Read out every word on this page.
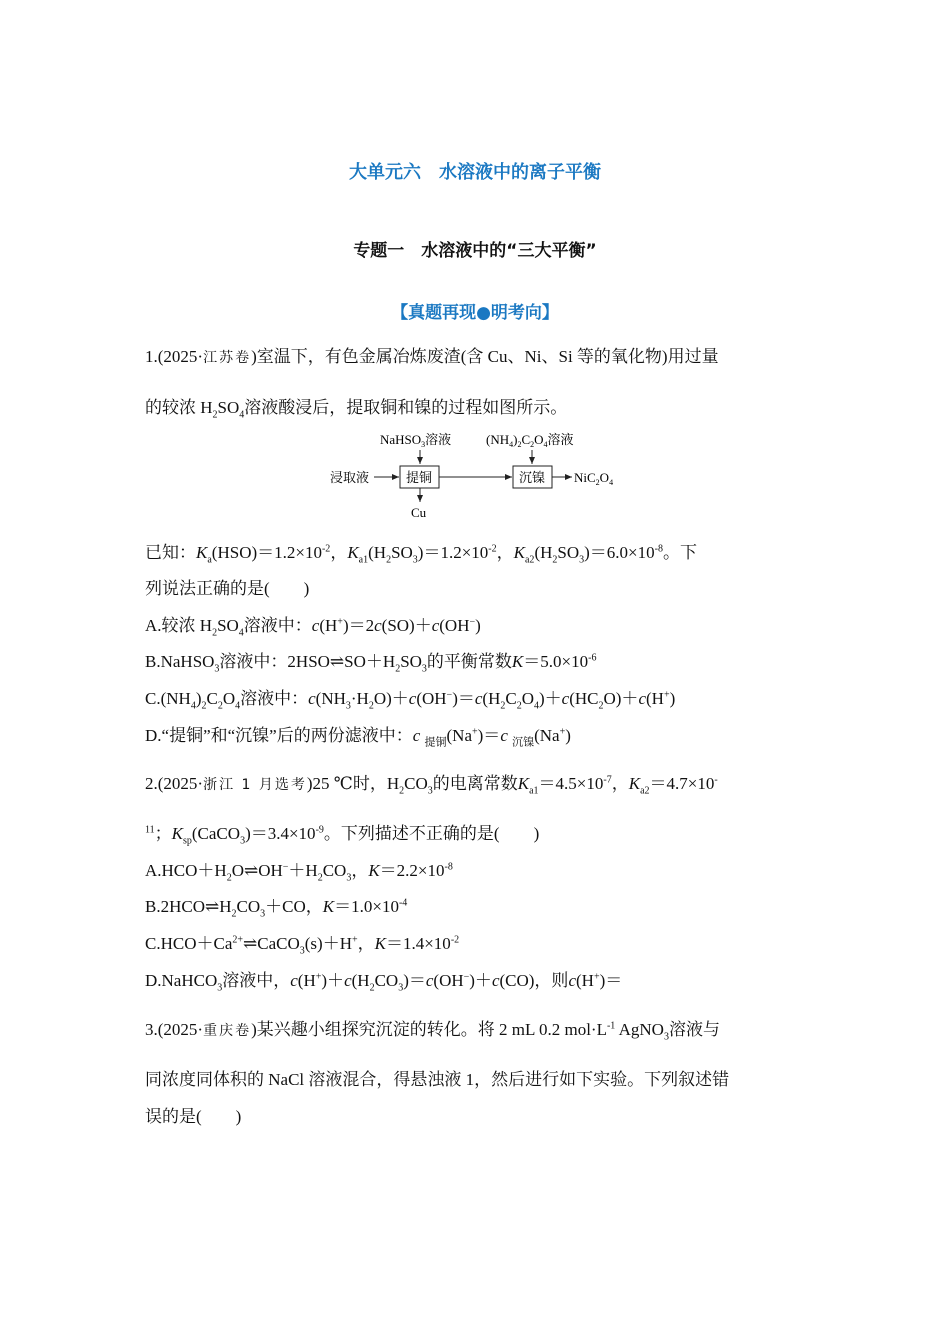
大单元六　水溶液中的离子平衡
专题一　水溶液中的“三大平衡”
【真题再现●明考向】
1.(2025·江苏卷)室温下，有色金属冶炼废渣(含 Cu、Ni、Si 等的氧化物)用过量
的较浓 $H_2SO_4$溶液酸浸后，提取铜和镍的过程如图所示。
NaHSO$_3$溶液	$(NH_4)_2C_2O_4$溶液
浸取液	提铜	沉镍 $NiC_2O_4$
Cu
已知：$K_a(HSO)=1.2\times 10^{-2}$，$K_{a1}(H_2SO_3)=1.2\times 10^{-2}$，$K_{a2}(H_2SO_3)=6.0\times 10^{-8}$。下
列说法正确的是(　　)
A.较浓 $H_2SO_4$溶液中：c(H+)＝2c(SO)＋c(OH−)
B.NaHSO$_3$溶液中：$2HSO\rightleftharpoons SO+H_2SO_3$的平衡常数$K=5.0\times 10^{-6}$
$C.(NH_4)_2C_2O_4$溶液中：$c(NH_3\cdot H_2O)+c(OH^-)=c(H_2C_2O_4)+c(HC_2O)+c(H^+)$
D.“提铜”和“沉镍”后的两份滤液中：c $_{提铜}$(Na+)＝c $_{沉镍}$(Na+)
2.(2025·浙江 1 月选考)25 ℃时，$H_2CO_3$的电离常数$K_{a1}=4.5\times 10^{-7}$，$K_{a2}=4.7\times 10^-$
$^{11}$；$K_{sp}(CaCO_3)=3.4\times 10^{-9}$。下列描述不正确的是(　　)
$A.HCO+H_2O\rightleftharpoons OH^-+H_2CO_3$，$K=2.2\times 10^{-8}$
$B.2HCO\rightleftharpoons H_2CO_3+CO$，$K=1.0\times 10^{-4}$
$C.HCO+Ca^{2+}\rightleftharpoons CaCO_3(s)+H^+$，$K=1.4\times 10^{-2}$
D.NaHCO$_3$溶液中，$c(H^+)+c(H_2CO_3)=c(OH^-)+c(CO)$，则c(H+)＝
3.(2025·重庆卷)某兴趣小组探究沉淀的转化。将 2 mL 0.2 $mol\cdot L^{-1}$ AgNO$_3$溶液与
同浓度同体积的 NaCl 溶液混合，得悬浊液 1，然后进行如下实验。下列叙述错
误的是(　　)
